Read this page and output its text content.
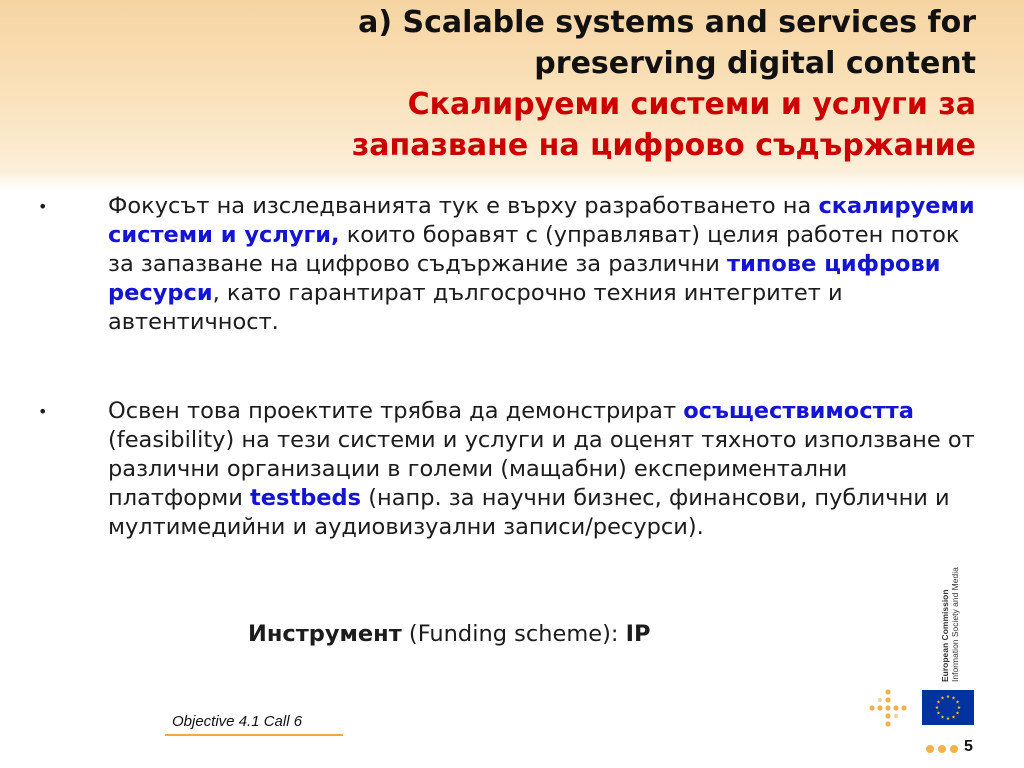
a) Scalable systems and services for
preserving digital content
Скалируеми системи и услуги за
запазване на цифрово съдържание
•	Фокусът на изследванията тук е върху разработването на скалируеми системи и услуги, които боравят с (управляват) целия работен поток за запазване на цифрово съдържание за различни типове цифрови ресурси, като гарантират дългосрочно техния интегритет и автентичност.
•	Освен това проектите трябва да демонстрират осъществимостта (feasibility) на тези системи и услуги и да оценят тяхното използване от различни организации в големи (мащабни) експериментални платформи testbeds (напр. за научни бизнес, финансови, публични и мултимедийни и аудиовизуални записи/ресурси).
Инструмент (Funding scheme): IP
Objective 4.1 Call 6
European Commission Information Society and Media
5
